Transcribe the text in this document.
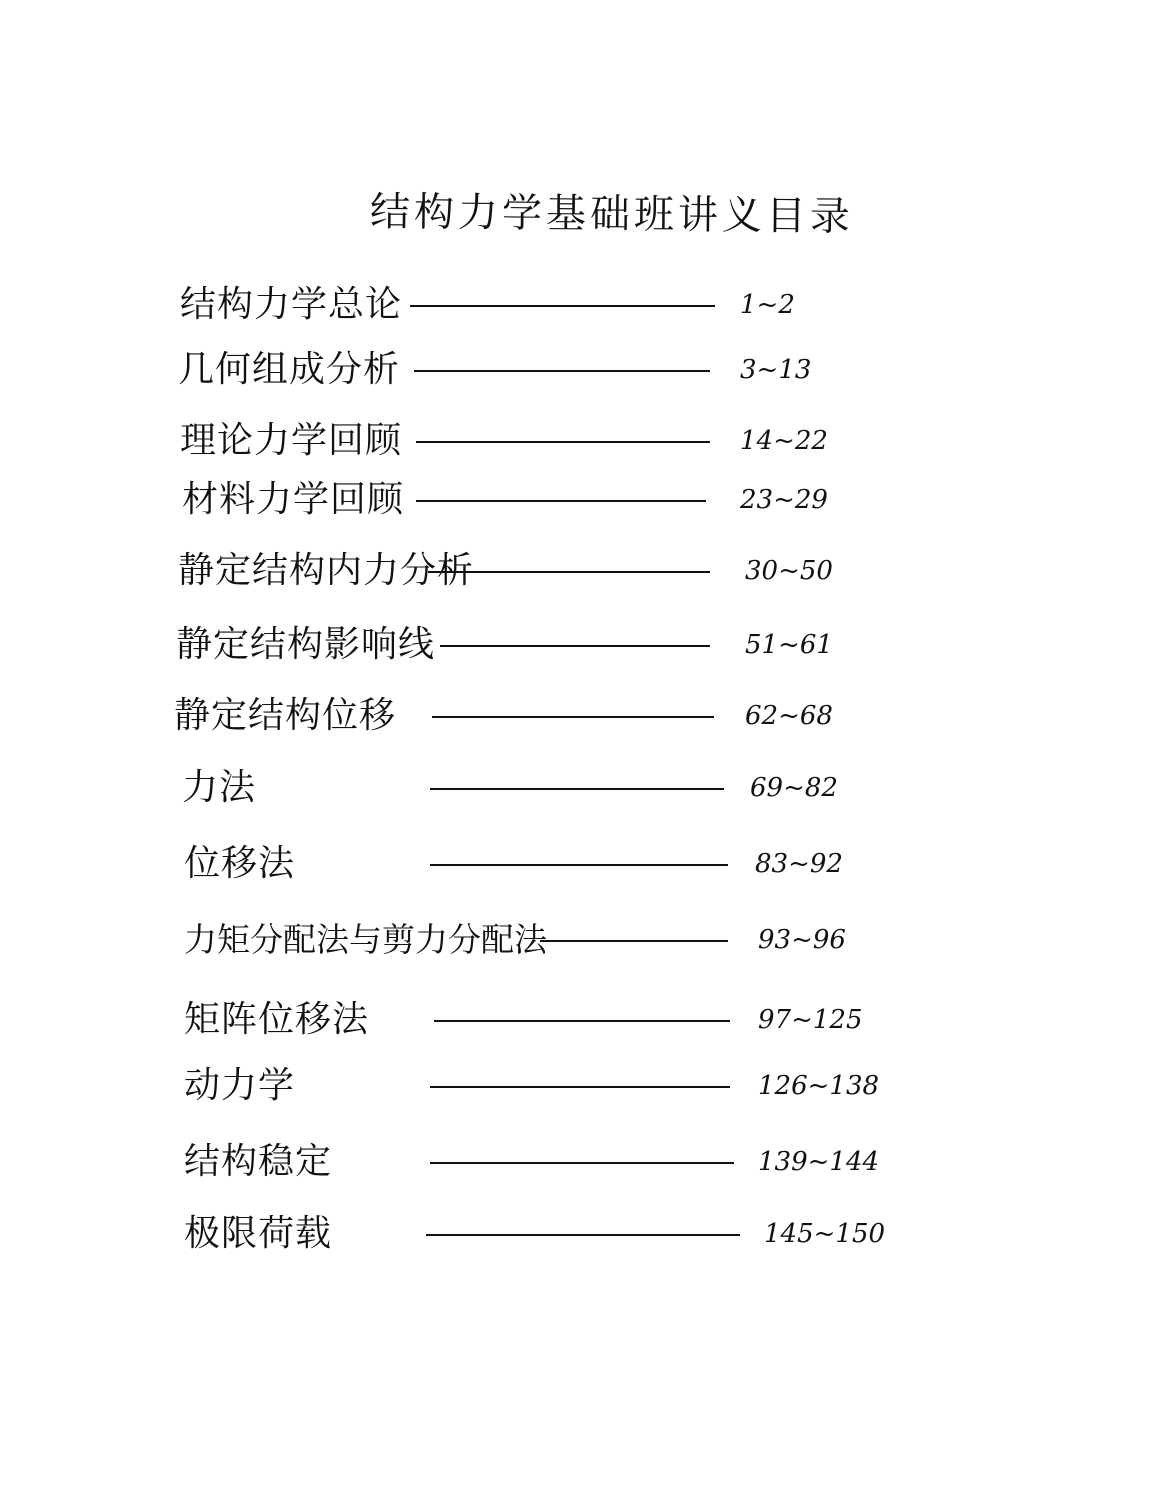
结构力学基础班讲义目录
结构力学总论	1~2
几何组成分析	3~13
理论力学回顾	14~22
材料力学回顾	23~29
静定结构内力分析	30~50
静定结构影响线	51~61
静定结构位移	62~68
力法	69~82
位移法	83~92
力矩分配法与剪力分配法	93~96
矩阵位移法	97~125
动力学	126~138
结构稳定	139~144
极限荷载	145~150
